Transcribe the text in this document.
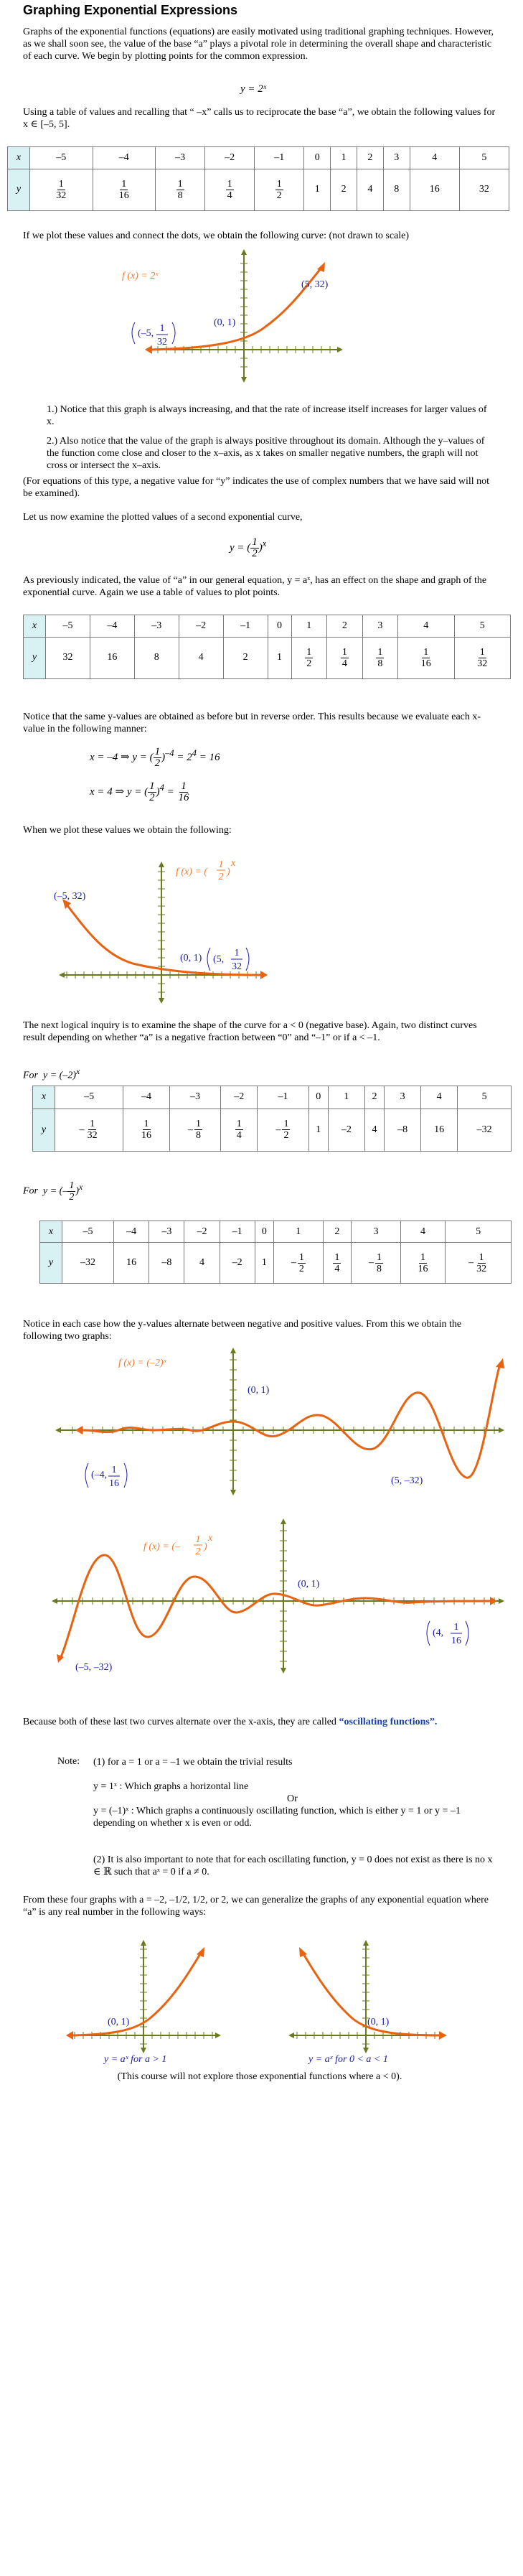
Graphing Exponential Expressions

Graphs of the exponential functions (equations) are easily motivated using traditional graphing techniques. However, as we shall soon see, the value of the base “a” plays a pivotal role in determining the overall shape and characteristic of each curve. We begin by plotting points for the common expression.

y = 2ˣ

Using a table of values and recalling that “ –x” calls us to reciprocate the base “a”, we obtain the following values for x ∈ [–5, 5].

x	–5	–4	–3	–2	–1	0	1	2	3	4	5
y	$\frac{1}{32}$	$\frac{1}{16}$	$\frac{1}{8}$	$\frac{1}{4}$	$\frac{1}{2}$	1	2	4	8	16	32

If we plot these values and connect the dots, we obtain the following curve: (not drawn to scale)

f (x) = 2ˣ
(5, 32)
(0, 1)
(–5, 1
32
1.) Notice that this graph is always increasing, and that the rate of increase itself increases for larger values of x.
2.) Also notice that the value of the graph is always positive throughout its domain. Although the y–values of the function come close and closer to the x–axis, as x takes on smaller negative numbers, the graph will not cross or intersect the x–axis.

(For equations of this type, a negative value for “y” indicates the use of complex numbers that we have said will not be examined).

Let us now examine the plotted values of a second exponential curve,

y = ( $\frac{1}{2} )^x$

As previously indicated, the value of “a” in our general equation, y = aˣ, has an effect on the shape and graph of the exponential curve. Again we use a table of values to plot points.

x	–5	–4	–3	–2	–1	0	1	2	3	4	5
y	32	16	8	4	2	1	$\frac{1}{2}$	$\frac{1}{4}$	$\frac{1}{8}$	$\frac{1}{16}$	$\frac{1}{32}$

Notice that the same y-values are obtained as before but in reverse order. This results because we evaluate each x-value in the following manner:

x = –4 ⇒ y = ( $\frac{1}{2} )^{-4} = 2^4 = 16$
x = 4 ⇒ y = ( $\frac{1}{2} )^4 = \frac{1}{16}$

When we plot these values we obtain the following:

f (x) = (
1
2 )
x
(–5, 32)
(0, 1) (5,
1
32

The next logical inquiry is to examine the shape of the curve for a < 0 (negative base). Again, two distinct curves result depending on whether “a” is a negative fraction between “0” and “–1” or if a < –1.

For  $y = (-2)^x$
x	–5	–4	–3	–2	–1	0	1	2	3	4	5
y	– $\frac{1}{32}$	$\frac{1}{16}$	– $\frac{1}{8}$	$\frac{1}{4}$	– $\frac{1}{2}$	1	–2	4	–8	16	–32
For  y = (– $\frac{1}{2} )^x$
x	–5	–4	–3	–2	–1	0	1	2	3	4	5
y	–32	16	–8	4	–2	1	– $\frac{1}{2}$	$\frac{1}{4}$	– $\frac{1}{8}$	$\frac{1}{16}$	– $\frac{1}{32}$

Notice in each case how the y-values alternate between negative and positive values. From this we obtain the following two graphs:

f (x) = (–2)ˣ
(0, 1)
(5, –32)
(–4, 1
16
f (x) = (–
1
2 )
x
(0, 1)
(–5, –32)
(4,
1
16

Because both of these last two curves alternate over the x-axis, they are called “oscillating functions”.

Note: (1) for a = 1 or a = –1 we obtain the trivial results

y = 1ˣ : Which graphs a horizontal line

Or

y = (–1)ˣ : Which graphs a continuously oscillating function, which is either y = 1 or y = –1 depending on whether x is even or odd.

(2) It is also important to note that for each oscillating function, y = 0 does not exist as there is no x ∈ ℝ such that aˣ = 0 if a ≠ 0.

From these four graphs with a = –2, –1/2, 1/2, or 2, we can generalize the graphs of any exponential equation where “a” is any real number in the following ways:

(0, 1)
y = aˣ for a > 1
(0, 1)
y = aˣ for 0 < a < 1

(This course will not explore those exponential functions where a < 0).
